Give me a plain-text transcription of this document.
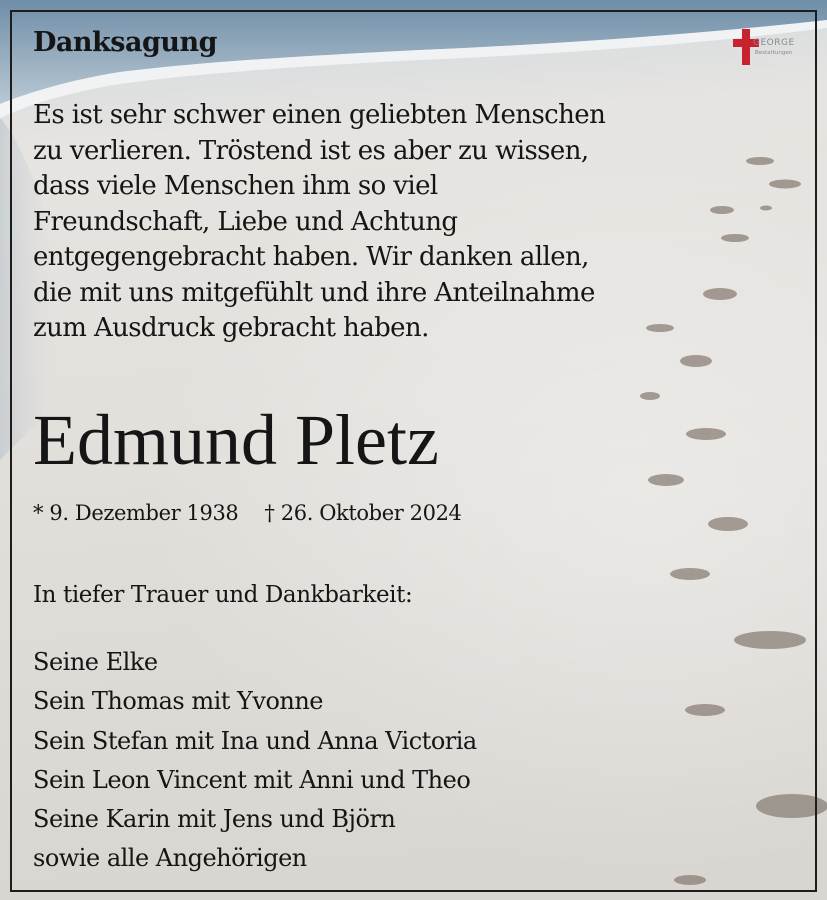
GEORGE
Bestattungen
Danksagung
Es ist sehr schwer einen geliebten Menschen
zu verlieren. Tröstend ist es aber zu wissen,
dass viele Menschen ihm so viel
Freundschaft, Liebe und Achtung
entgegengebracht haben. Wir danken allen,
die mit uns mitgefühlt und ihre Anteilnahme
zum Ausdruck gebracht haben.
Edmund Pletz
* 9. Dezember 1938 † 26. Oktober 2024
In tiefer Trauer und Dankbarkeit:
Seine Elke
Sein Thomas mit Yvonne
Sein Stefan mit Ina und Anna Victoria
Sein Leon Vincent mit Anni und Theo
Seine Karin mit Jens und Björn
sowie alle Angehörigen
